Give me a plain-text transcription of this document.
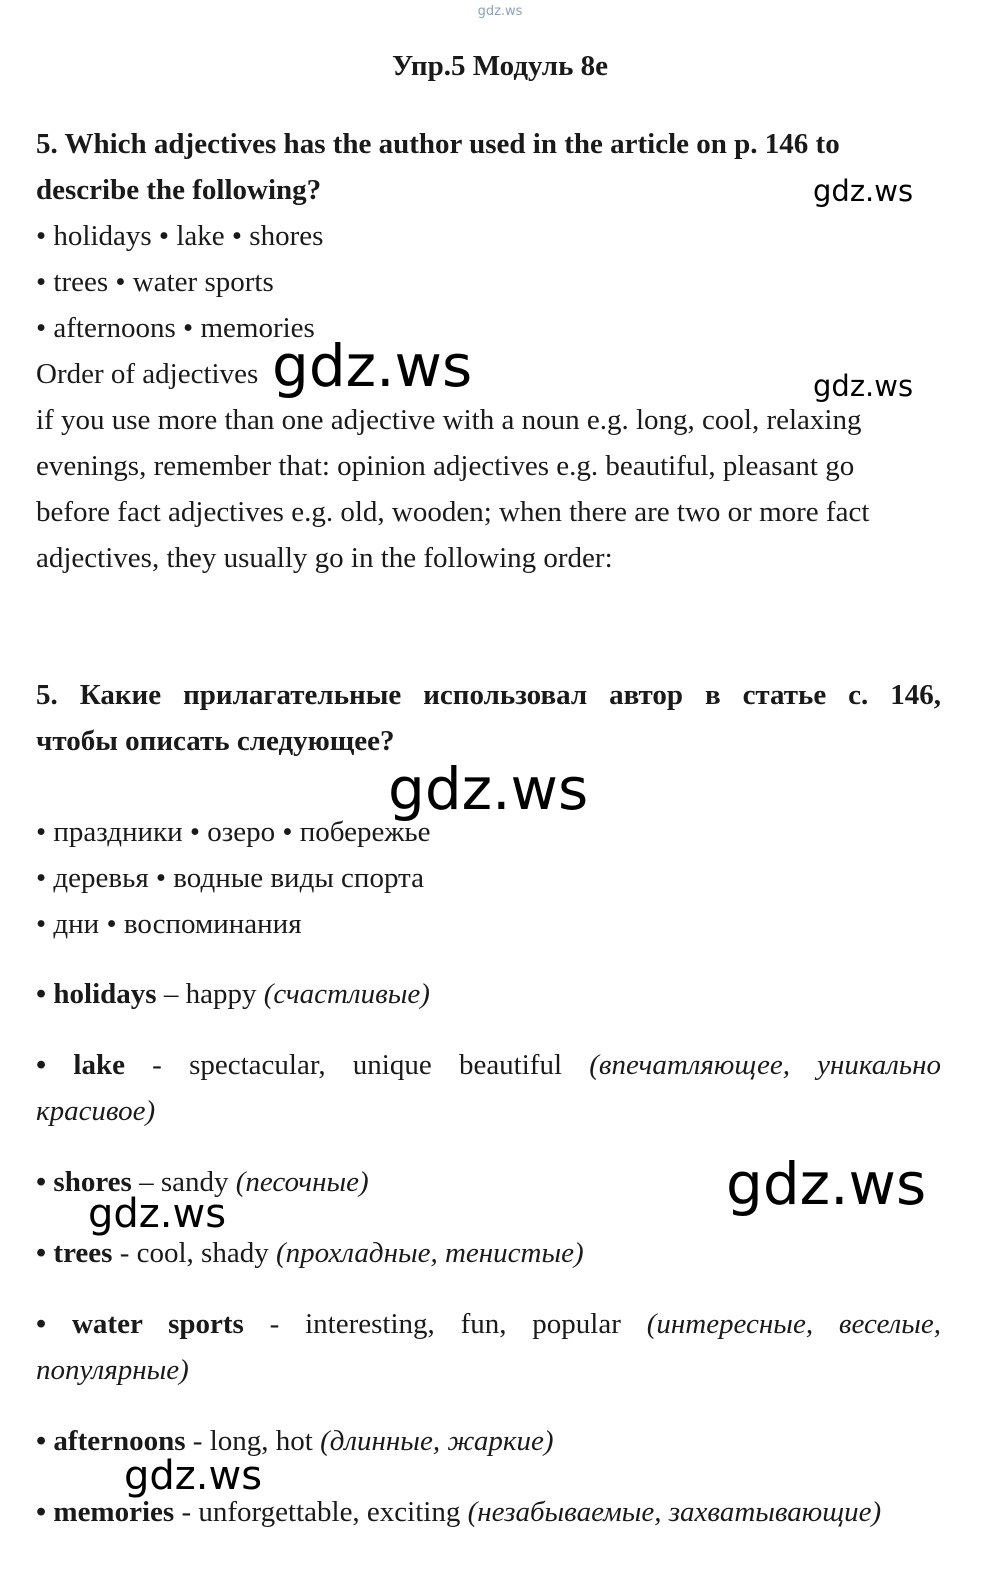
gdz.ws
Упр.5 Модуль 8е
5. Which adjectives has the author used in the article on p. 146 to
describe the following?
• holidays • lake • shores
• trees • water sports
• afternoons • memories
Order of adjectives
if you use more than one adjective with a noun e.g. long, cool, relaxing
evenings, remember that: opinion adjectives e.g. beautiful, pleasant go
before fact adjectives e.g. old, wooden; when there are two or more fact
adjectives, they usually go in the following order:
5. Какие прилагательные использовал автор в статье с. 146,
чтобы описать следующее?
• праздники • озеро • побережье
• деревья • водные виды спорта
• дни • воспоминания
• holidays – happy (счастливые)
• lake - spectacular, unique beautiful (впечатляющее, уникально
красивое)
• shores – sandy (песочные)
• trees - cool, shady (прохладные, тенистые)
• water sports - interesting, fun, popular (интересные, веселые,
популярные)
• afternoons - long, hot (длинные, жаркие)
• memories - unforgettable, exciting (незабываемые, захватывающие)
gdz.ws
gdz.ws	gdz.ws
gdz.ws
gdz.ws
gdz.ws
gdz.ws
